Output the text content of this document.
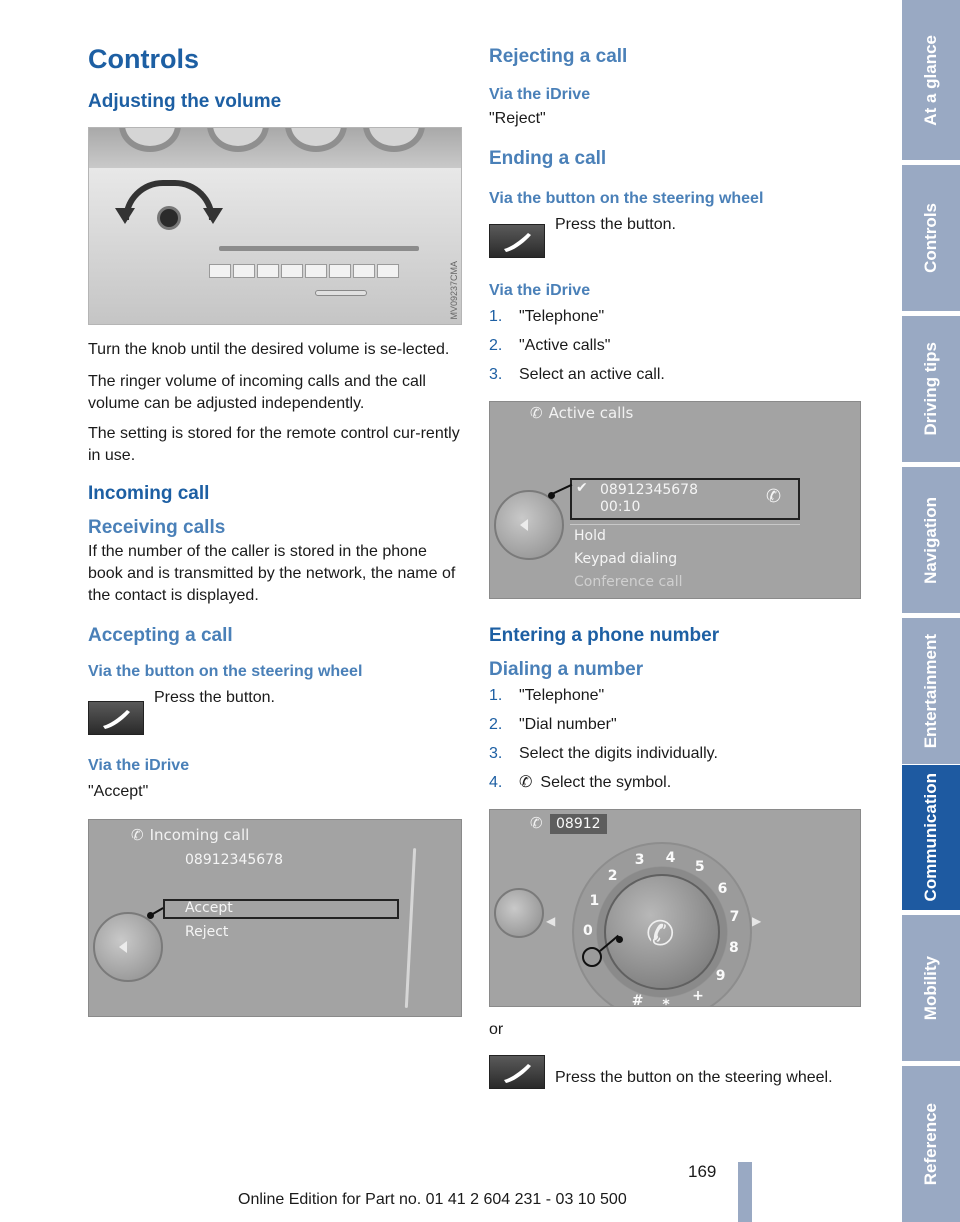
Controls
Adjusting the volume
MV09237CMA

Turn the knob until the desired volume is se-lected.

The ringer volume of incoming calls and the call volume can be adjusted independently.

The setting is stored for the remote control cur-rently in use.

Incoming call
Receiving calls

If the number of the caller is stored in the phone book and is transmitted by the network, the name of the contact is displayed.

Accepting a call
Via the button on the steering wheel

Press the button.

Via the iDrive

"Accept"

✆ Incoming call
08912345678
Accept
Reject
Rejecting a call
Via the iDrive

"Reject"

Ending a call
Via the button on the steering wheel

Press the button.

Via the iDrive
1.	"Telephone"
2.	"Active calls"
3.	Select an active call.
✆ Active calls
✔ 08912345678
00:10	✆
Hold
Keypad dialing
Conference call
Entering a phone number
Dialing a number
1.	"Telephone"
2.	"Dial number"
3.	Select the digits individually.
4.	✆ Select the symbol.
✆ 08912
◀	▶
✆
0
1
2
3 4
5
6
7
8
9
+
*
#

or

Press the button on the steering wheel.

At a glance
Controls
Driving tips
Navigation
Entertainment
Communication
Mobility
Reference
169
Online Edition for Part no. 01 41 2 604 231 - 03 10 500
